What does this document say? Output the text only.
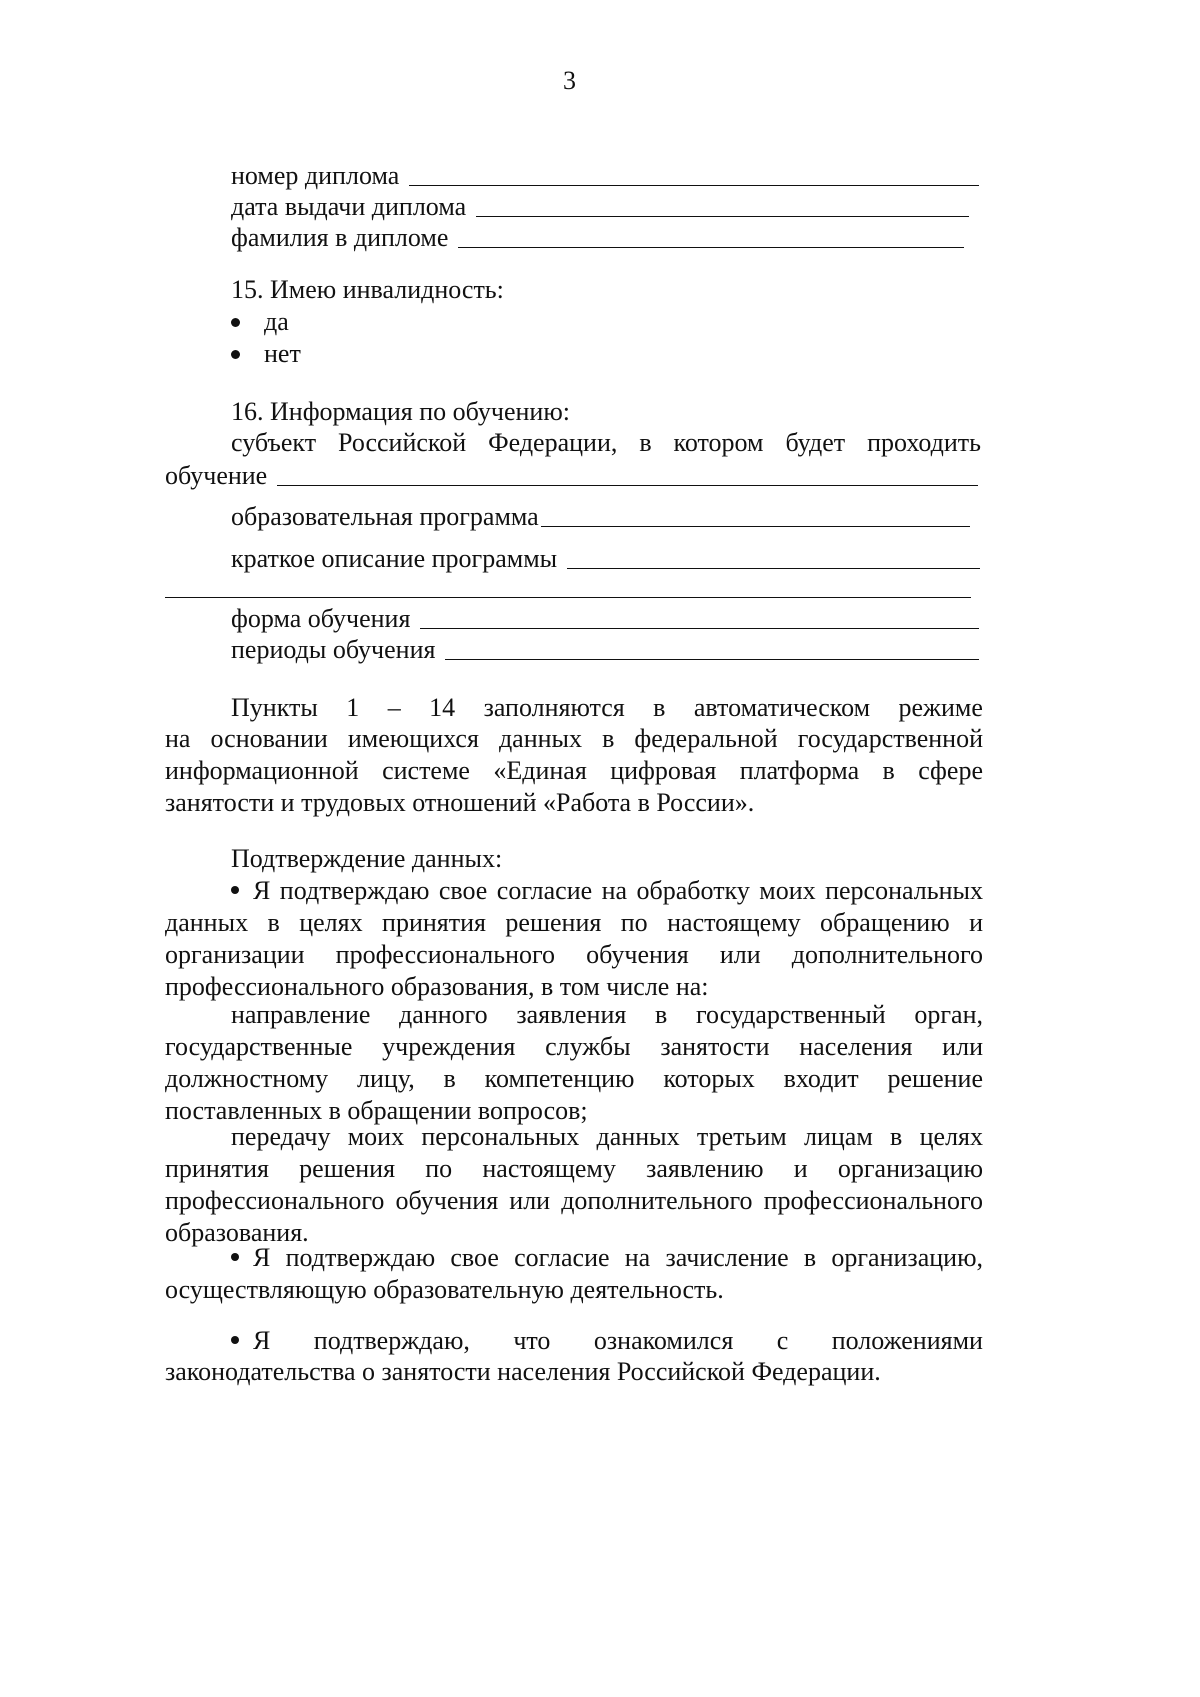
3
номер диплома
дата выдачи диплома
фамилия в дипломе
15. Имею инвалидность:
да
нет
16. Информация по обучению:
субъект Российской Федерации, в котором будет проходить
обучение
образовательная программа
краткое описание программы
форма обучения
периоды обучения
Пункты 1 – 14 заполняются в автоматическом режиме
на основании имеющихся данных в федеральной государственной информационной системе «Единая цифровая платформа в сфере занятости и трудовых отношений «Работа в России».
Подтверждение данных:
Я подтверждаю свое согласие на обработку моих персональных данных в целях принятия решения по настоящему обращению и организации профессионального обучения или дополнительного профессионального образования, в том числе на:
направление данного заявления в государственный орган, государственные учреждения службы занятости населения или должностному лицу, в компетенцию которых входит решение поставленных в обращении вопросов;
передачу моих персональных данных третьим лицам в целях принятия решения по настоящему заявлению и организацию профессионального обучения или дополнительного профессионального образования.
Я подтверждаю свое согласие на зачисление в организацию, осуществляющую образовательную деятельность.
Я подтверждаю, что ознакомился с положениями
законодательства о занятости населения Российской Федерации.
